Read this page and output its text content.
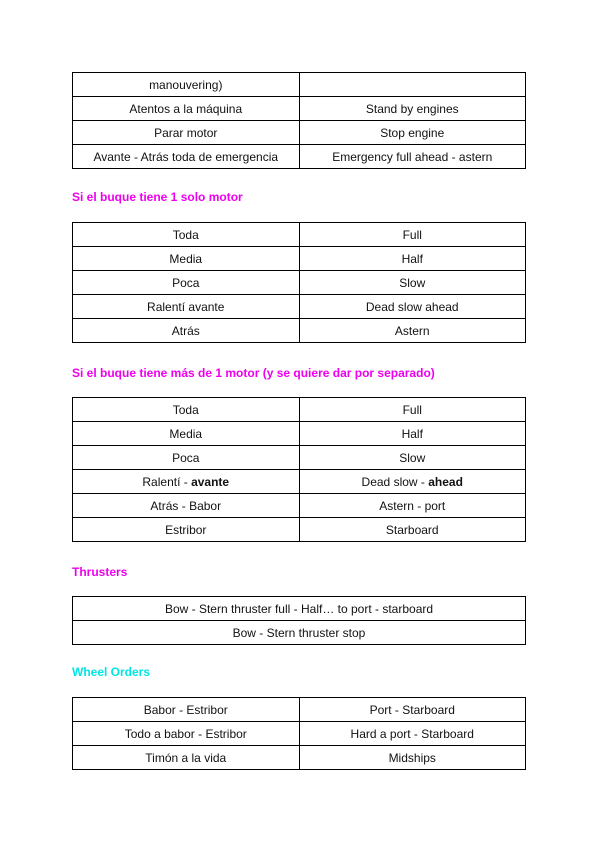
manouvering)	
Atentos a la máquina	Stand by engines
Parar motor	Stop engine
Avante - Atrás toda de emergencia	Emergency full ahead - astern
Si el buque tiene 1 solo motor
Toda	Full
Media	Half
Poca	Slow
Ralentí avante	Dead slow ahead
Atrás	Astern
Si el buque tiene más de 1 motor (y se quiere dar por separado)
Toda	Full
Media	Half
Poca	Slow
Ralentí - avante	Dead slow - ahead
Atrás - Babor	Astern - port
Estribor	Starboard
Thrusters
Bow - Stern thruster full - Half… to port - starboard
Bow - Stern thruster stop
Wheel Orders
Babor - Estribor	Port - Starboard
Todo a babor - Estribor	Hard a port - Starboard
Timón a la vida	Midships
